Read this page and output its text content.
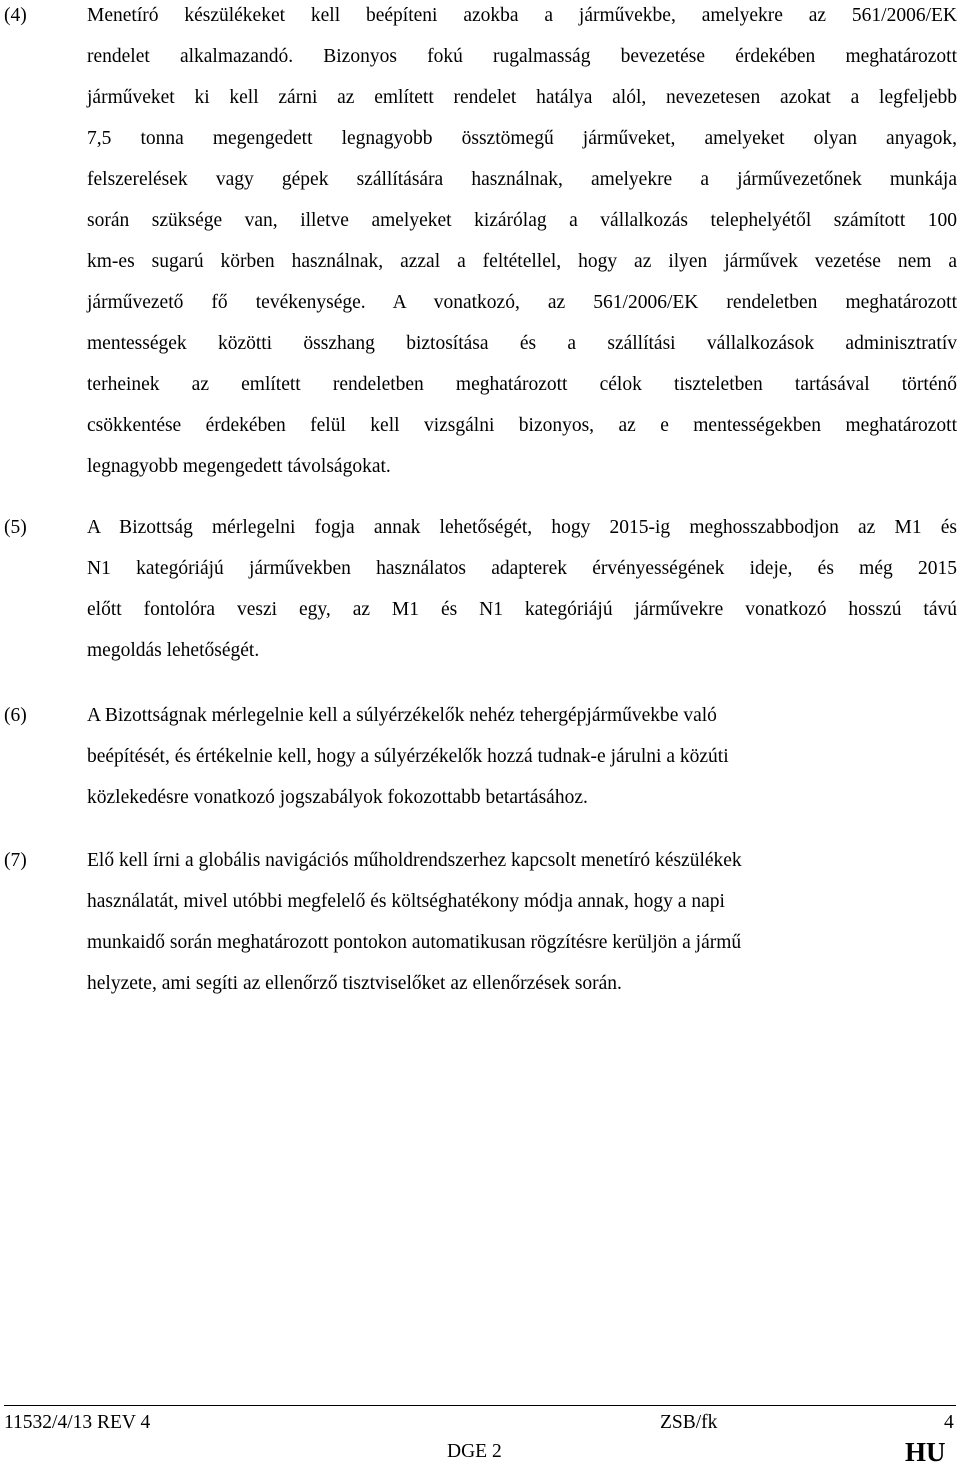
(4)	Menetíró készülékeket kell beépíteni azokba a járművekbe, amelyekre az 561/2006/EK
rendelet alkalmazandó. Bizonyos fokú rugalmasság bevezetése érdekében meghatározott
járműveket ki kell zárni az említett rendelet hatálya alól, nevezetesen azokat a legfeljebb
7,5 tonna megengedett legnagyobb össztömegű járműveket, amelyeket olyan anyagok,
felszerelések vagy gépek szállítására használnak, amelyekre a járművezetőnek munkája
során szüksége van, illetve amelyeket kizárólag a vállalkozás telephelyétől számított 100
km-es sugarú körben használnak, azzal a feltétellel, hogy az ilyen járművek vezetése nem a
járművezető fő tevékenysége. A vonatkozó, az 561/2006/EK rendeletben meghatározott
mentességek közötti összhang biztosítása és a szállítási vállalkozások adminisztratív
terheinek az említett rendeletben meghatározott célok tiszteletben tartásával történő
csökkentése érdekében felül kell vizsgálni bizonyos, az e mentességekben meghatározott
legnagyobb megengedett távolságokat.
(5)	A Bizottság mérlegelni fogja annak lehetőségét, hogy 2015-ig meghosszabbodjon az M1 és
N1 kategóriájú járművekben használatos adapterek érvényességének ideje, és még 2015
előtt fontolóra veszi egy, az M1 és N1 kategóriájú járművekre vonatkozó hosszú távú
megoldás lehetőségét.
(6)	A Bizottságnak mérlegelnie kell a súlyérzékelők nehéz tehergépjárművekbe való
beépítését, és értékelnie kell, hogy a súlyérzékelők hozzá tudnak-e járulni a közúti
közlekedésre vonatkozó jogszabályok fokozottabb betartásához.
(7)	Elő kell írni a globális navigációs műholdrendszerhez kapcsolt menetíró készülékek
használatát, mivel utóbbi megfelelő és költséghatékony módja annak, hogy a napi
munkaidő során meghatározott pontokon automatikusan rögzítésre kerüljön a jármű
helyzete, ami segíti az ellenőrző tisztviselőket az ellenőrzések során.
11532/4/13 REV 4	ZSB/fk	4
DGE 2	HU
